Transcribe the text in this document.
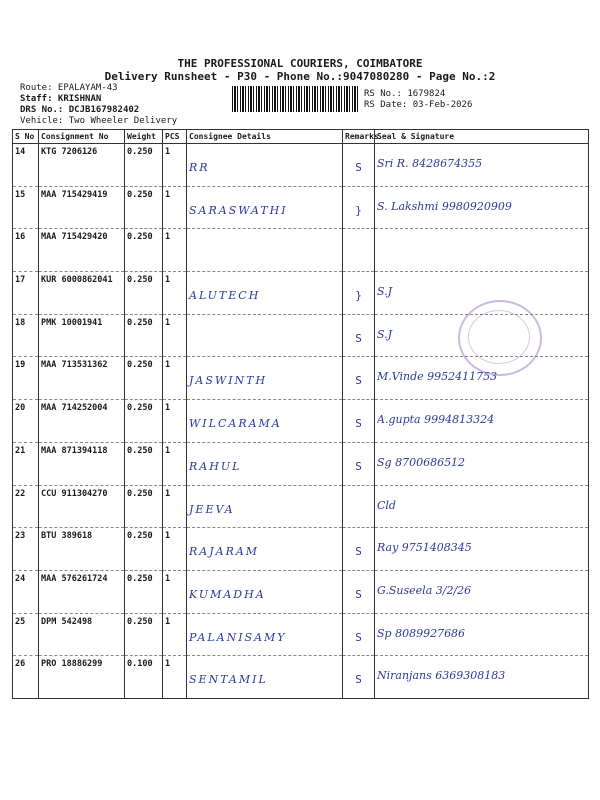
THE PROFESSIONAL COURIERS, COIMBATORE
Delivery Runsheet - P30 - Phone No.:9047080280 - Page No.:2
Route: EPALAYAM-43
Staff: KRISHNAN
DRS No.: DCJB167982402
Vehicle: Two Wheeler Delivery
RS No.: 1679824
RS Date: 03-Feb-2026
S No	Consignment No	Weight	PCS	Consignee Details	Remarks	Seal & Signature
14	KTG 7206126	0.250	1	RR	S	Sri R. 8428674355

15	MAA 715429419	0.250	1	SARASWATHI	}	S. Lakshmi 9980920909

16	MAA 715429420	0.250	1	

17	KUR 6000862041	0.250	1	ALUTECH	}	S.J

18	PMK 10001941	0.250	1		S	S.J

19	MAA 713531362	0.250	1	JASWINTH	S	M.Vinde 9952411753

20	MAA 714252004	0.250	1	WILCARAMA	S	A.gupta 9994813324

21	MAA 871394118	0.250	1	RAHUL	S	Sg 8700686512

22	CCU 911304270	0.250	1	JEEVA		Cld

23	BTU 389618	0.250	1	RAJARAM	S	Ray 9751408345

24	MAA 576261724	0.250	1	KUMADHA	S	G.Suseela 3/2/26

25	DPM 542498	0.250	1	PALANISAMY	S	Sp 8089927686

26	PRO 18886299	0.100	1	SENTAMIL	S	Niranjans 6369308183
